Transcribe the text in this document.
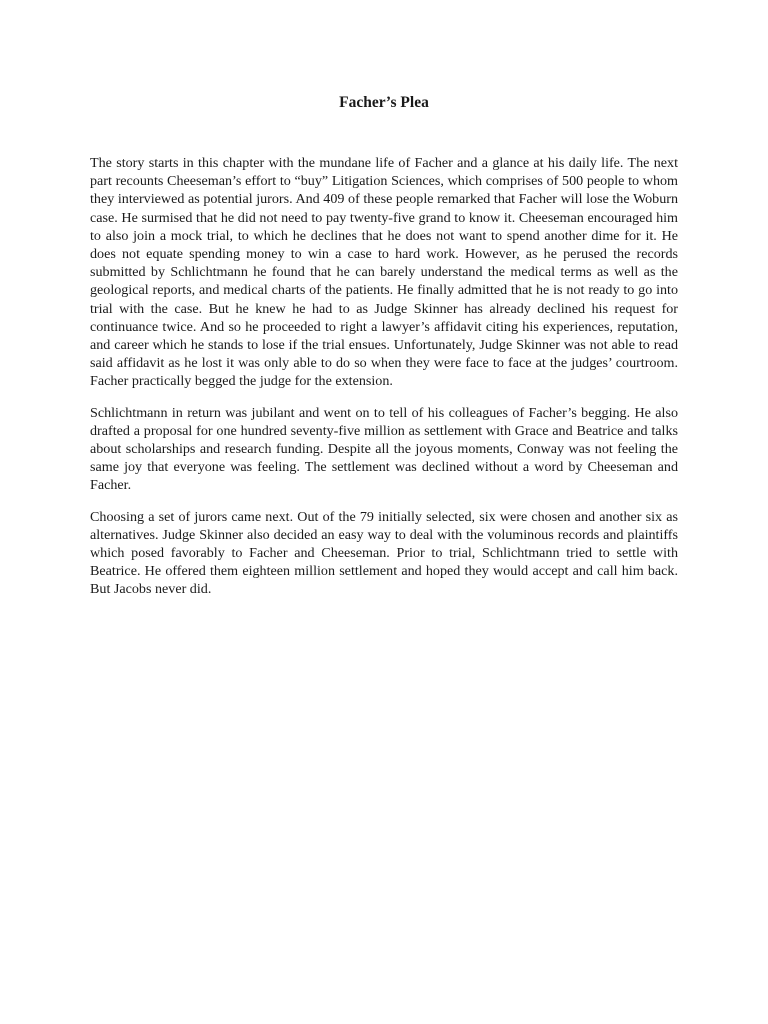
Facher’s Plea

The story starts in this chapter with the mundane life of Facher and a glance at his daily life. The next part recounts Cheeseman’s effort to “buy” Litigation Sciences, which comprises of 500 people to whom they interviewed as potential jurors. And 409 of these people remarked that Facher will lose the Woburn case. He surmised that he did not need to pay twenty-five grand to know it. Cheeseman encouraged him to also join a mock trial, to which he declines that he does not want to spend another dime for it. He does not equate spending money to win a case to hard work. However, as he perused the records submitted by Schlichtmann he found that he can barely understand the medical terms as well as the geological reports, and medical charts of the patients. He finally admitted that he is not ready to go into trial with the case. But he knew he had to as Judge Skinner has already declined his request for continuance twice. And so he proceeded to right a lawyer’s affidavit citing his experiences, reputation, and career which he stands to lose if the trial ensues. Unfortunately, Judge Skinner was not able to read said affidavit as he lost it was only able to do so when they were face to face at the judges’ courtroom. Facher practically begged the judge for the extension.

Schlichtmann in return was jubilant and went on to tell of his colleagues of Facher’s begging. He also drafted a proposal for one hundred seventy-five million as settlement with Grace and Beatrice and talks about scholarships and research funding. Despite all the joyous moments, Conway was not feeling the same joy that everyone was feeling. The settlement was declined without a word by Cheeseman and Facher.

Choosing a set of jurors came next. Out of the 79 initially selected, six were chosen and another six as alternatives. Judge Skinner also decided an easy way to deal with the voluminous records and plaintiffs which posed favorably to Facher and Cheeseman. Prior to trial, Schlichtmann tried to settle with Beatrice. He offered them eighteen million settlement and hoped they would accept and call him back. But Jacobs never did.
